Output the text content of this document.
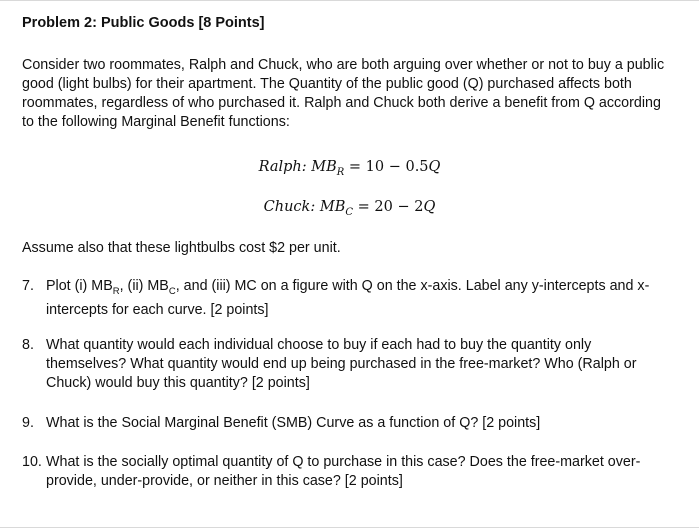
Problem 2: Public Goods [8 Points]

Consider two roommates, Ralph and Chuck, who are both arguing over whether or not to buy a public good (light bulbs) for their apartment. The Quantity of the public good (Q) purchased affects both roommates, regardless of who purchased it. Ralph and Chuck both derive a benefit from Q according to the following Marginal Benefit functions:

Ralph: $MB_R = 10 - 0.5Q$

Chuck: $MB_C = 20 - 2Q$

Assume also that these lightbulbs cost $2 per unit.

7. Plot (i) $MB_R$, (ii) $MB_C$, and (iii) MC on a figure with Q on the x-axis. Label any y-intercepts and x-intercepts for each curve. [2 points]
8. What quantity would each individual choose to buy if each had to buy the quantity only themselves? What quantity would end up being purchased in the free-market? Who (Ralph or Chuck) would buy this quantity? [2 points]
9. What is the Social Marginal Benefit (SMB) Curve as a function of Q? [2 points]
10. What is the socially optimal quantity of Q to purchase in this case? Does the free-market over-provide, under-provide, or neither in this case? [2 points]
